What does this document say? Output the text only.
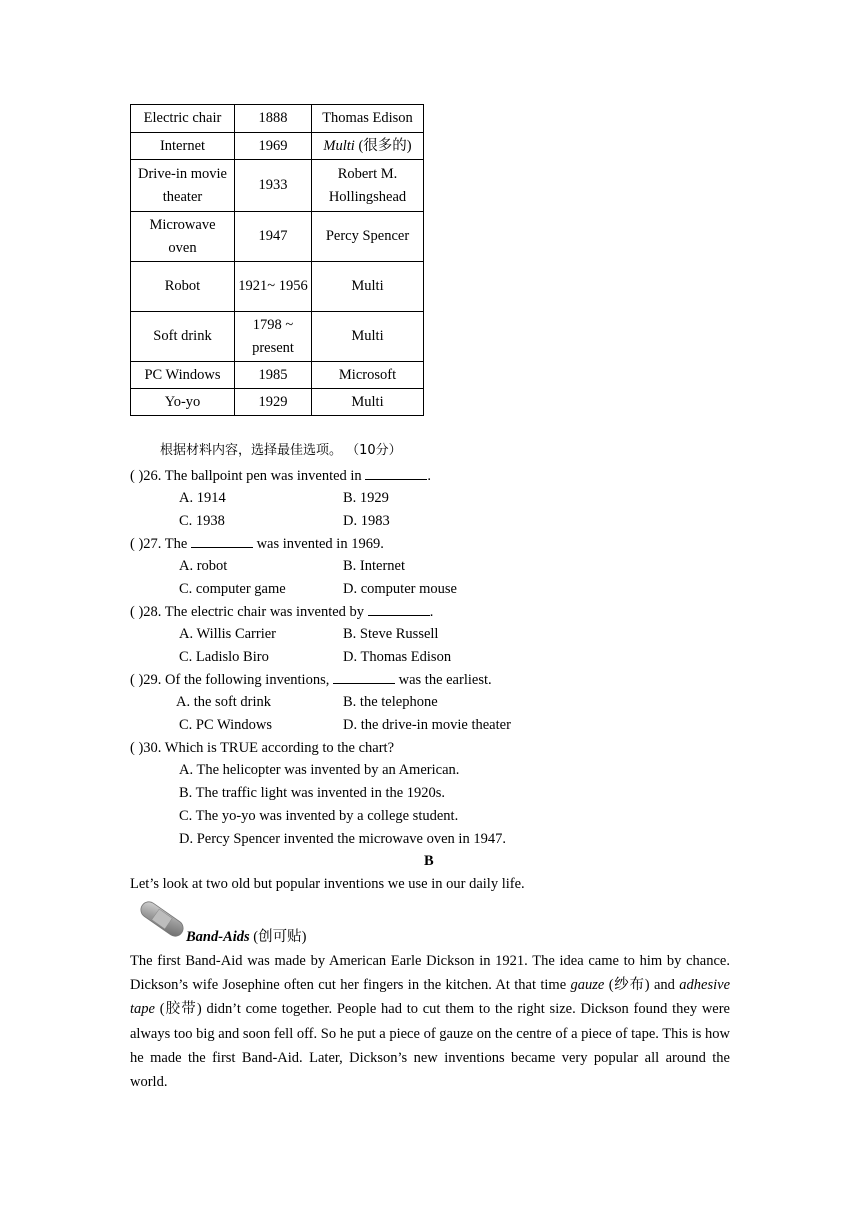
Electric chair	1888	Thomas Edison
Internet	1969	Multi (很多的)
Drive-in movie theater	1933	Robert M. Hollingshead
Microwave oven	1947	Percy Spencer
Robot	1921~ 1956	Multi
Soft drink	1798 ~ present	Multi
PC Windows	1985	Microsoft
Yo-yo	1929	Multi
根据材料内容，选择最佳选项。 （10分）
( )26. The ballpoint pen was invented in	.
A. 1914	B. 1929
C. 1938	D. 1983
( )27. The	was invented in 1969.
A. robot	B. Internet
C. computer game	D. computer mouse
( )28. The electric chair was invented by	.
A. Willis Carrier	B. Steve Russell
C. Ladislo Biro	D. Thomas Edison
( )29. Of the following inventions,	was the earliest.
A. the soft drink	B. the telephone
C. PC Windows	D. the drive-in movie theater
( )30. Which is TRUE according to the chart?
A. The helicopter was invented by an American.
B. The traffic light was invented in the 1920s.
C. The yo-yo was invented by a college student.
D. Percy Spencer invented the microwave oven in 1947.
B
Let’s look at two old but popular inventions we use in our daily life.
Band-Aids (创可贴)
The first Band-Aid was made by American Earle Dickson in 1921. The idea came to him by chance. Dickson’s wife Josephine often cut her fingers in the kitchen. At that time gauze (纱布) and adhesive tape (胶带) didn’t come together. People had to cut them to the right size. Dickson found they were always too big and soon fell off. So he put a piece of gauze on the centre of a piece of tape. This is how he made the first Band-Aid. Later, Dickson’s new inventions became very popular all around the world.
